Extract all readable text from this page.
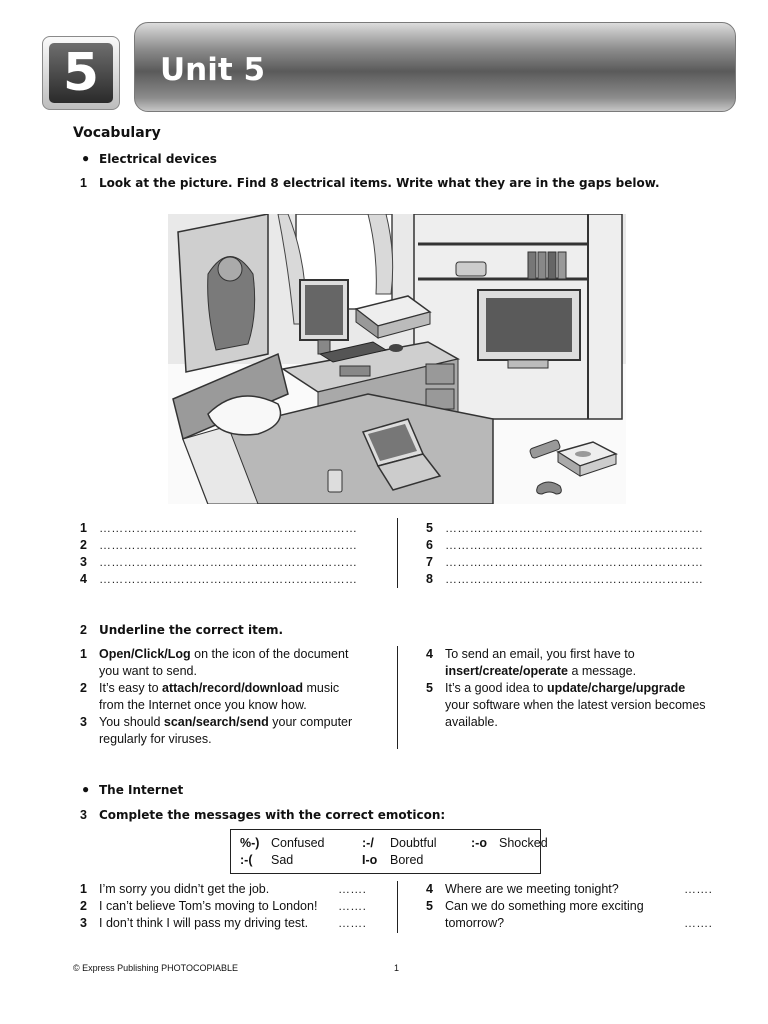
5 Unit 5
Vocabulary
● Electrical devices
1 Look at the picture. Find 8 electrical items. Write what they are in the gaps below.
2 Underline the correct item.
1 Open/Click/Log on the icon of the document
you want to send.
2 It’s easy to attach/record/download music
from the Internet once you know how.
3 You should scan/search/send your computer
regularly for viruses.
4 To send an email, you first have to
insert/create/operate a message.
5 It’s a good idea to update/charge/upgrade
your software when the latest version becomes
available.
● The Internet
3 Complete the messages with the correct emoticon:
%-) Confused	:-/ Doubtful	:-o Shocked
:-( Sad	I-o Bored
1 I’m sorry you didn’t get the job.	…….
2 I can’t believe Tom’s moving to London! …….
3 I don’t think I will pass my driving test. …….
4 Where are we meeting tonight?	…….
5 Can we do something more exciting
tomorrow?	…….
© Express Publishing PHOTOCOPIABLE	1
1 ………………………………………………………
2 ………………………………………………………
3 ………………………………………………………
4 ………………………………………………………
5 ………………………………………………………
6 ………………………………………………………
7 ………………………………………………………
8 ………………………………………………………
